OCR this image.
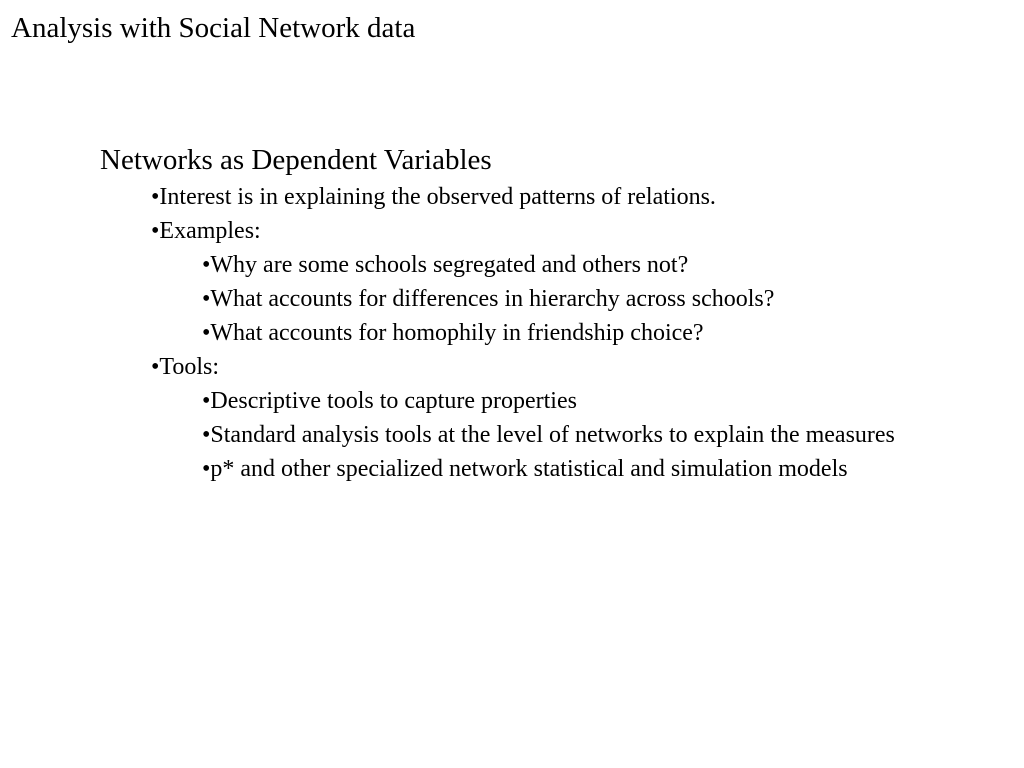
Analysis with Social Network data
Networks as Dependent Variables
•Interest is in explaining the observed patterns of relations.
•Examples:
•Why are some schools segregated and others not?
•What accounts for differences in hierarchy across schools?
•What accounts for homophily in friendship choice?
•Tools:
•Descriptive tools to capture properties
•Standard analysis tools at the level of networks to explain the measures
•p* and other specialized network statistical and simulation models
